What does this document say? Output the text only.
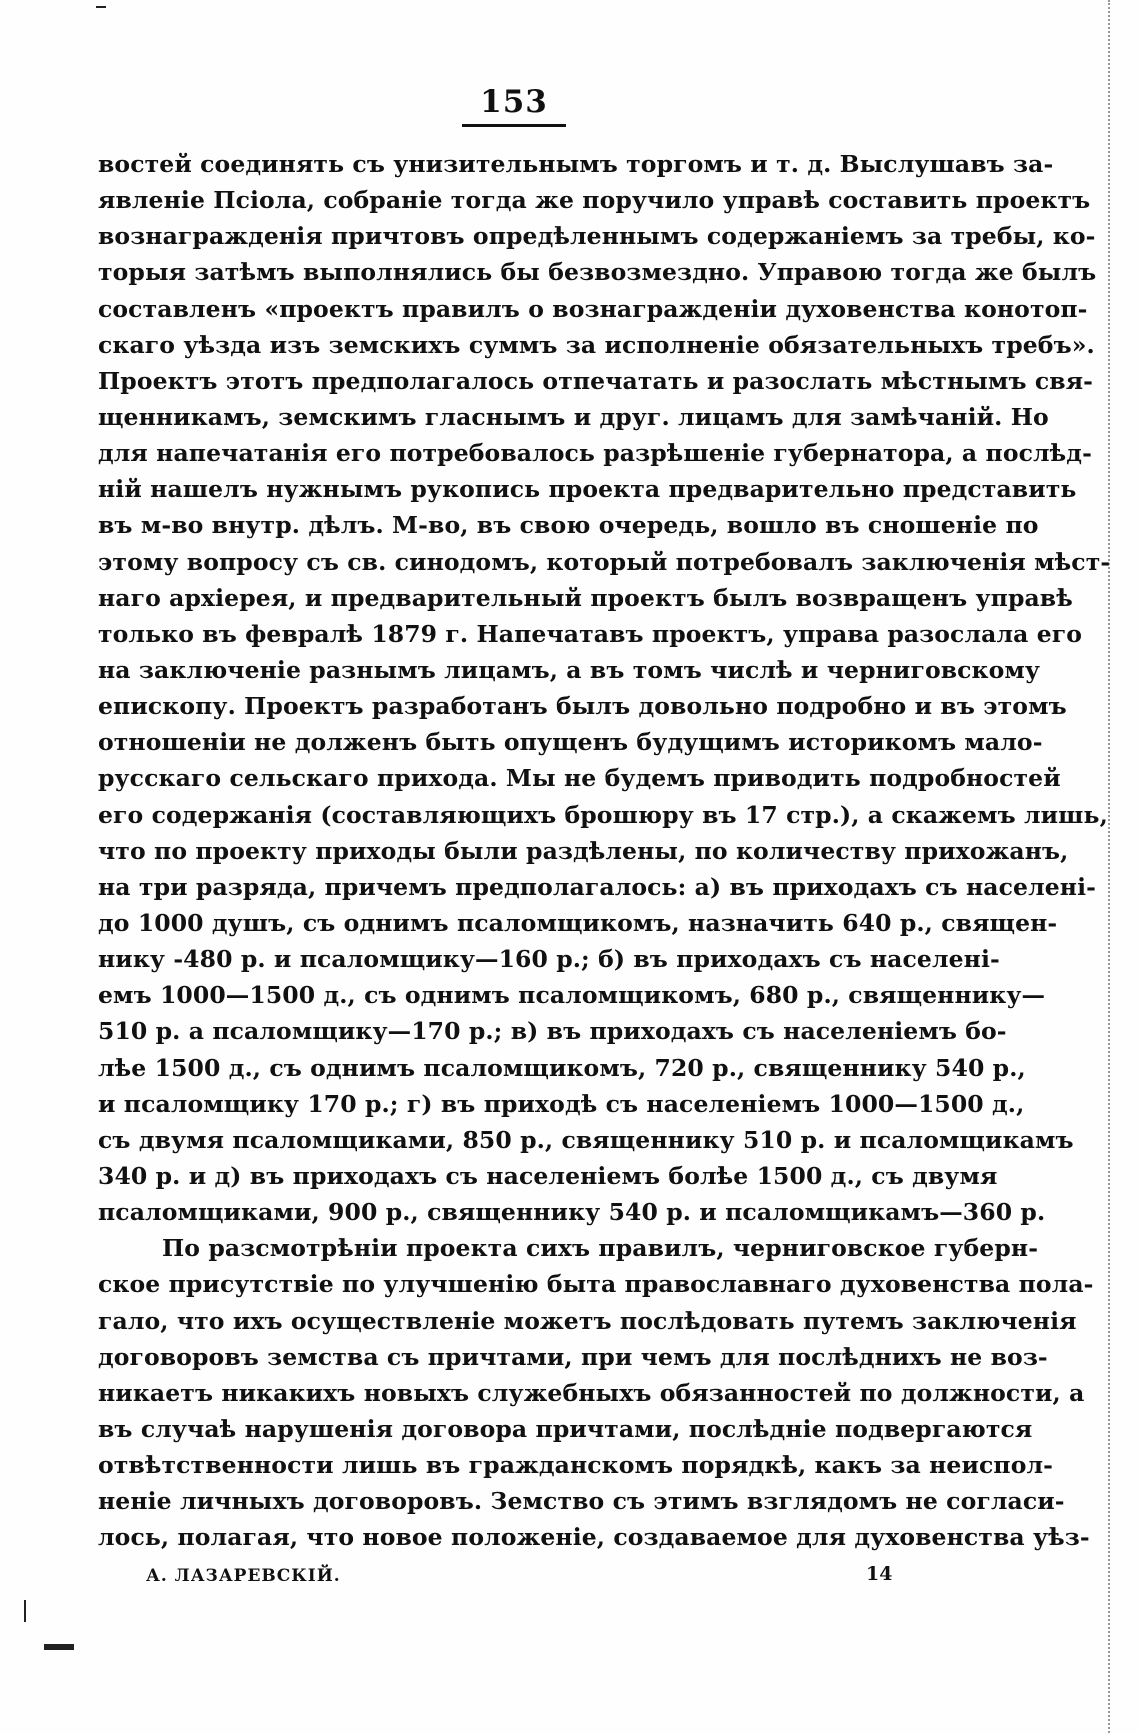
153
востей соединять съ унизительнымъ торгомъ и т. д. Выслушавъ за-
явленіе Псіола, собраніе тогда же поручило управѣ составить проектъ
вознагражденія причтовъ опредѣленнымъ содержаніемъ за требы, ко-
торыя затѣмъ выполнялись бы безвозмездно. Управою тогда же былъ
составленъ «проектъ правилъ о вознагражденіи духовенства конотоп-
скаго уѣзда изъ земскихъ суммъ за исполненіе обязательныхъ требъ».
Проектъ этотъ предполагалось отпечатать и разослать мѣстнымъ свя-
щенникамъ, земскимъ гласнымъ и друг. лицамъ для замѣчаній. Но
для напечатанія его потребовалось разрѣшеніе губернатора, а послѣд-
ній нашелъ нужнымъ рукопись проекта предварительно представить
въ м-во внутр. дѣлъ. М-во, въ свою очередь, вошло въ сношеніе по
этому вопросу съ св. синодомъ, который потребовалъ заключенія мѣст-
наго архіерея, и предварительный проектъ былъ возвращенъ управѣ
только въ февралѣ 1879 г. Напечатавъ проектъ, управа разослала его
на заключеніе разнымъ лицамъ, а въ томъ числѣ и черниговскому
епископу. Проектъ разработанъ былъ довольно подробно и въ этомъ
отношеніи не долженъ быть опущенъ будущимъ историкомъ мало-
русскаго сельскаго прихода. Мы не будемъ приводить подробностей
его содержанія (составляющихъ брошюру въ 17 стр.), а скажемъ лишь,
что по проекту приходы были раздѣлены, по количеству прихожанъ,
на три разряда, причемъ предполагалось: а) въ приходахъ съ населені-
до 1000 душъ, съ однимъ псаломщикомъ, назначить 640 р., священ-
нику -480 р. и псаломщику—160 р.; б) въ приходахъ съ населені-
емъ 1000—1500 д., съ однимъ псаломщикомъ, 680 р., священнику—
510 р. а псаломщику—170 р.; в) въ приходахъ съ населеніемъ бо-
лѣе 1500 д., съ однимъ псаломщикомъ, 720 р., священнику 540 р.,
и псаломщику 170 р.; г) въ приходѣ съ населеніемъ 1000—1500 д.,
съ двумя псаломщиками, 850 р., священнику 510 р. и псаломщикамъ
340 р. и д) въ приходахъ съ населеніемъ болѣе 1500 д., съ двумя
псаломщиками, 900 р., священнику 540 р. и псаломщикамъ—360 р.
По разсмотрѣніи проекта сихъ правилъ, черниговское губерн-
ское присутствіе по улучшенію быта православнаго духовенства пола-
гало, что ихъ осуществленіе можетъ послѣдовать путемъ заключенія
договоровъ земства съ причтами, при чемъ для послѣднихъ не воз-
никаетъ никакихъ новыхъ служебныхъ обязанностей по должности, а
въ случаѣ нарушенія договора причтами, послѣдніе подвергаются
отвѣтственности лишь въ гражданскомъ порядкѣ, какъ за неиспол-
неніе личныхъ договоровъ. Земство съ этимъ взглядомъ не согласи-
лось, полагая, что новое положеніе, создаваемое для духовенства уѣз-
А. ЛАЗАРЕВСКІЙ.	14
